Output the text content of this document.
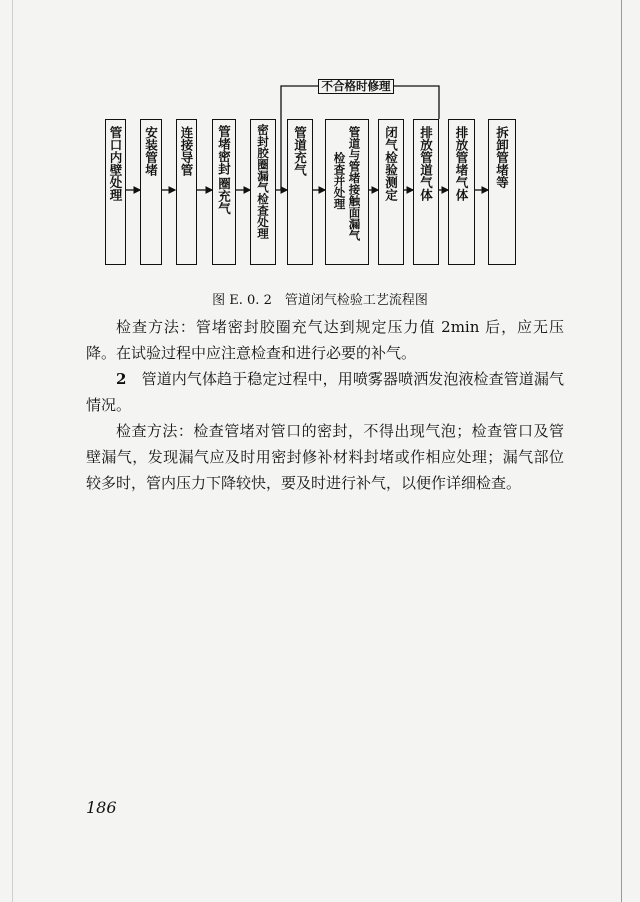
不合格时修理
管口内壁处理 安装管堵 连接导管 管堵密封
圈充气 密封胶圈漏气检查处理 管道充气	管道与管堵接触面漏气
检查并处理	闭气检验测定 排放管道气体 排放管堵气体 拆卸管堵等
图 E. 0. 2　管道闭气检验工艺流程图
检查方法：管堵密封胶圈充气达到规定压力值 2min 后，应无压降。在试验过程中应注意检查和进行必要的补气。
2　管道内气体趋于稳定过程中，用喷雾器喷洒发泡液检查管道漏气情况。
检查方法：检查管堵对管口的密封，不得出现气泡；检查管口及管壁漏气，发现漏气应及时用密封修补材料封堵或作相应处理；漏气部位较多时，管内压力下降较快，要及时进行补气，以便作详细检查。
186
